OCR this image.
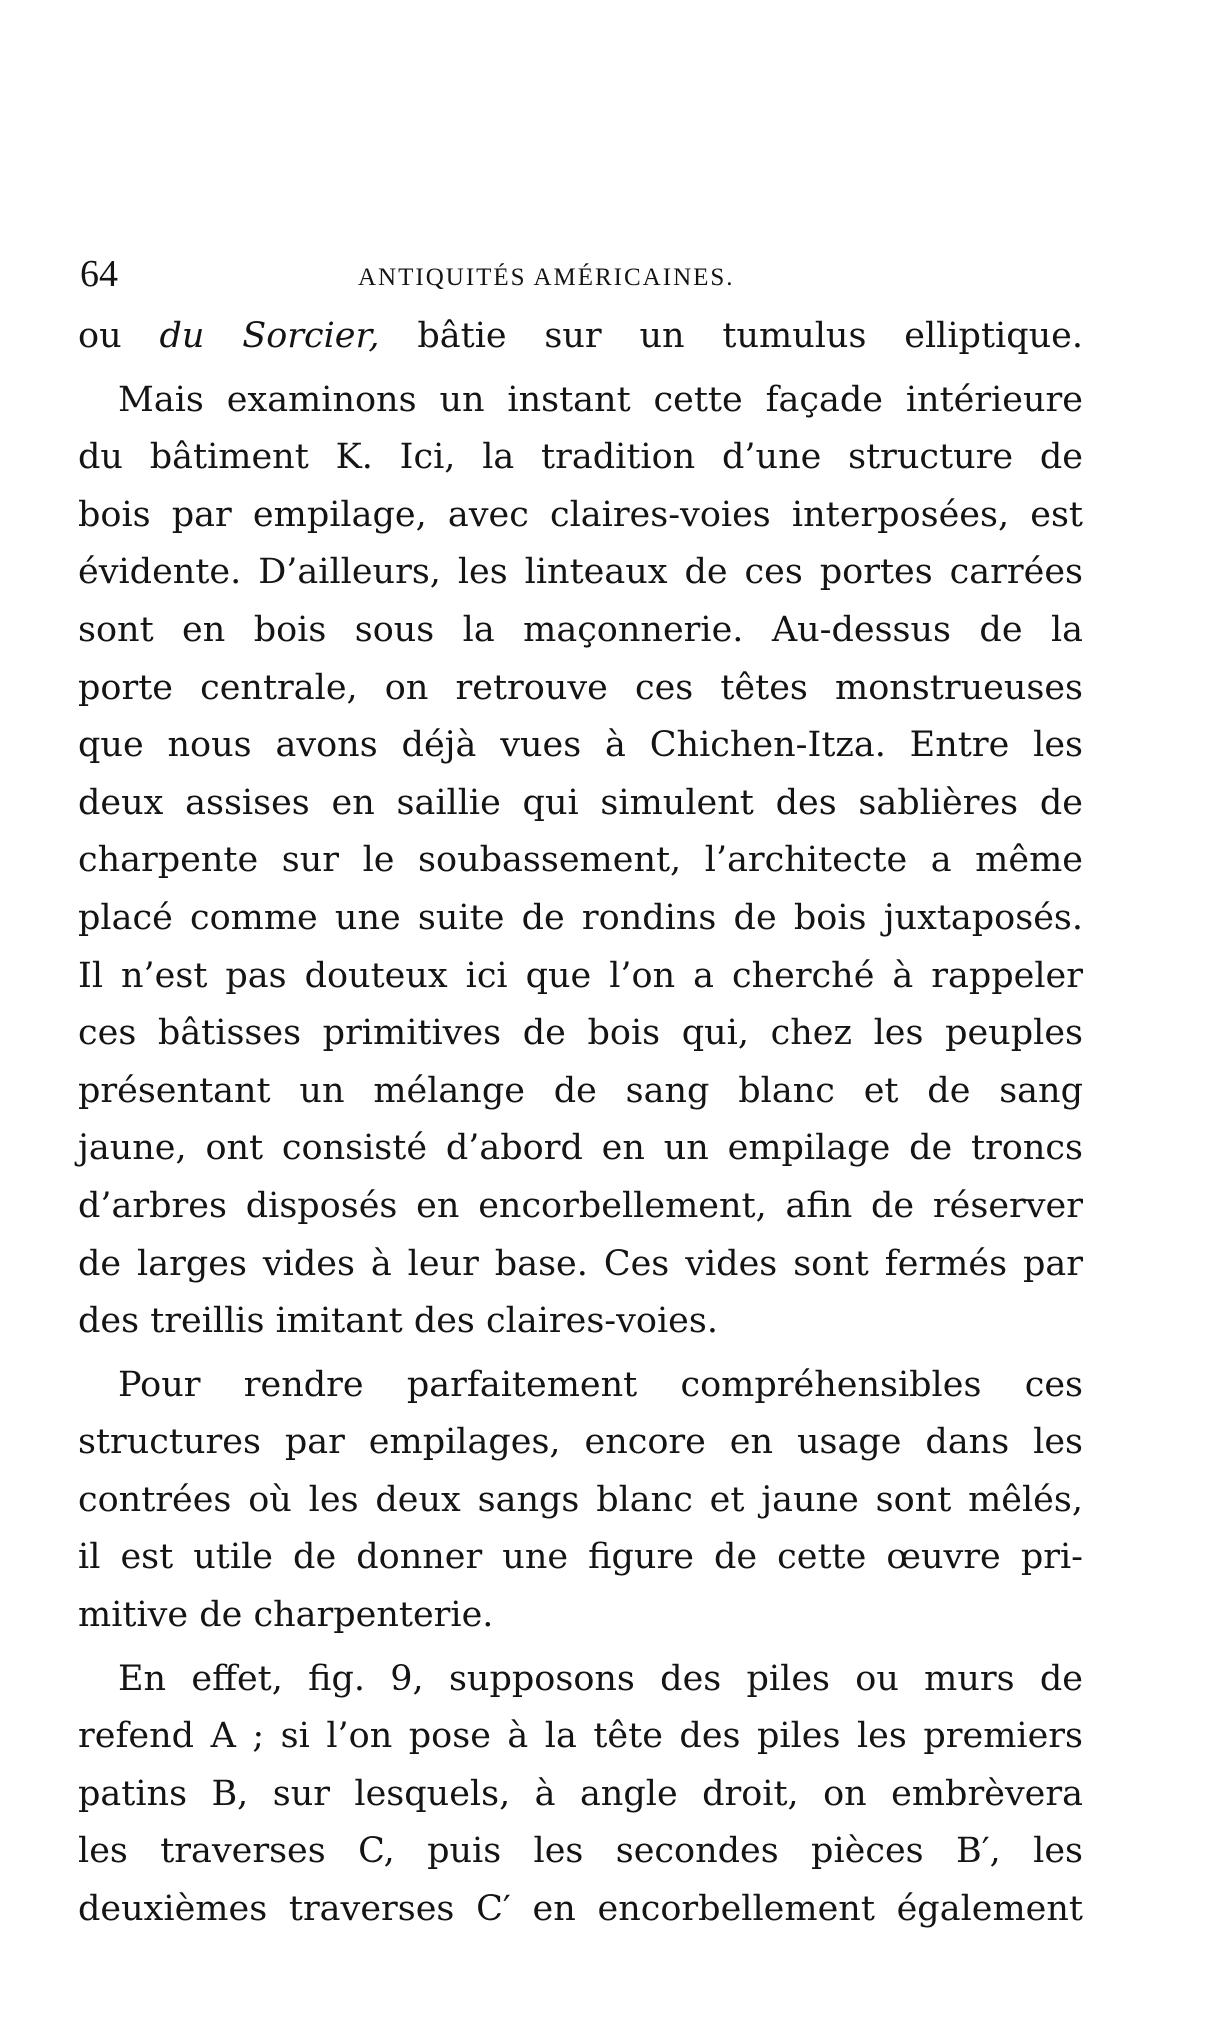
64	ANTIQUITÉS AMÉRICAINES.

ou du Sorcier, bâtie sur un tumulus elliptique.

Mais examinons un instant cette façade intérieure
du bâtiment K. Ici, la tradition d’une structure de
bois par empilage, avec claires-voies interposées, est
évidente. D’ailleurs, les linteaux de ces portes carrées
sont en bois sous la maçonnerie. Au-dessus de la
porte centrale, on retrouve ces têtes monstrueuses
que nous avons déjà vues à Chichen-Itza. Entre les
deux assises en saillie qui simulent des sablières de
charpente sur le soubassement, l’architecte a même
placé comme une suite de rondins de bois juxtaposés.
Il n’est pas douteux ici que l’on a cherché à rappeler
ces bâtisses primitives de bois qui, chez les peuples
présentant un mélange de sang blanc et de sang
jaune, ont consisté d’abord en un empilage de troncs
d’arbres disposés en encorbellement, afin de réserver
de larges vides à leur base. Ces vides sont fermés par
des treillis imitant des claires-voies.

Pour rendre parfaitement compréhensibles ces
structures par empilages, encore en usage dans les
contrées où les deux sangs blanc et jaune sont mêlés,
il est utile de donner une figure de cette œuvre pri-
mitive de charpenterie.

En effet, fig. 9, supposons des piles ou murs de
refend A ; si l’on pose à la tête des piles les premiers
patins B, sur lesquels, à angle droit, on embrèvera
les traverses C, puis les secondes pièces B′, les
deuxièmes traverses C′ en encorbellement également
